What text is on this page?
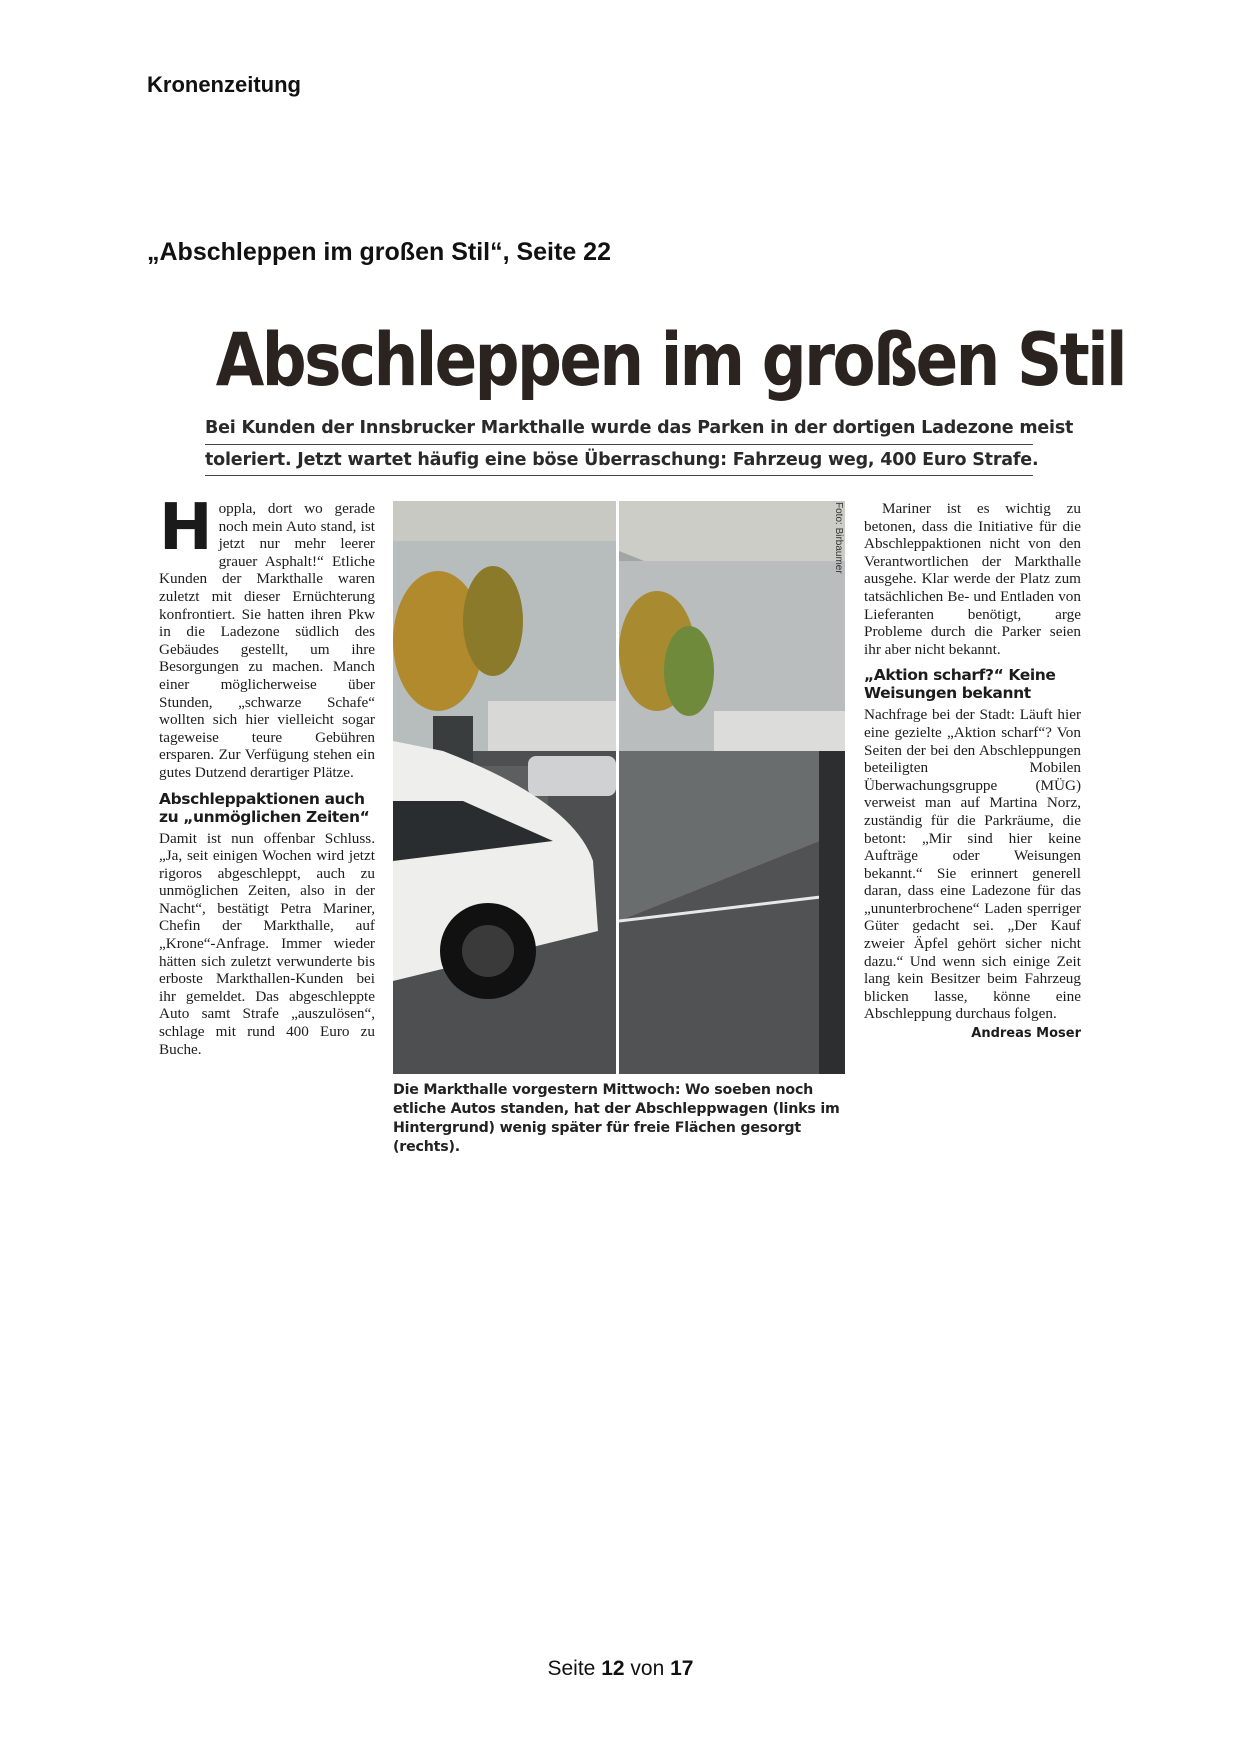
Kronenzeitung
„Abschleppen im großen Stil“, Seite 22
Abschleppen im großen Stil
Bei Kunden der Innsbrucker Markthalle wurde das Parken in der dortigen Ladezone meist
toleriert. Jetzt wartet häufig eine böse Überraschung: Fahrzeug weg, 400 Euro Strafe.

Hoppla, dort wo gerade noch mein Auto stand, ist jetzt nur mehr leerer grauer Asphalt!“ Etliche Kunden der Markthalle waren zuletzt mit dieser Ernüchterung konfrontiert. Sie hatten ihren Pkw in die Ladezone südlich des Gebäudes gestellt, um ihre Besorgungen zu machen. Manch einer möglicherweise über Stunden, „schwarze Schafe“ wollten sich hier vielleicht sogar tageweise teure Gebühren ersparen. Zur Verfügung stehen ein gutes Dutzend derartiger Plätze.

Abschleppaktionen auch zu „unmöglichen Zeiten“

Damit ist nun offenbar Schluss. „Ja, seit einigen Wochen wird jetzt rigoros abgeschleppt, auch zu unmöglichen Zeiten, also in der Nacht“, bestätigt Petra Mariner, Chefin der Markthalle, auf „Krone“-Anfrage. Immer wieder hätten sich zuletzt verwunderte bis erboste Markthallen-Kunden bei ihr gemeldet. Das abgeschleppte Auto samt Strafe „auszulösen“, schlage mit rund 400 Euro zu Buche.

Foto: Birbaumer
Die Markthalle vorgestern Mittwoch: Wo soeben noch etliche Autos standen, hat der Abschleppwagen (links im Hintergrund) wenig später für freie Flächen gesorgt (rechts).

Mariner ist es wichtig zu betonen, dass die Initiative für die Abschleppaktionen nicht von den Verantwortlichen der Markthalle ausgehe. Klar werde der Platz zum tatsächlichen Be- und Entladen von Lieferanten benötigt, arge Probleme durch die Parker seien ihr aber nicht bekannt.

„Aktion scharf?“ Keine Weisungen bekannt

Nachfrage bei der Stadt: Läuft hier eine gezielte „Aktion scharf“? Von Seiten der bei den Abschleppungen beteiligten Mobilen Überwachungsgruppe (MÜG) verweist man auf Martina Norz, zuständig für die Parkräume, die betont: „Mir sind hier keine Aufträge oder Weisungen bekannt.“ Sie erinnert generell daran, dass eine Ladezone für das „ununterbrochene“ Laden sperriger Güter gedacht sei. „Der Kauf zweier Äpfel gehört sicher nicht dazu.“ Und wenn sich einige Zeit lang kein Besitzer beim Fahrzeug blicken lasse, könne eine Abschleppung durchaus folgen.

Andreas Moser
Seite 12 von 17
